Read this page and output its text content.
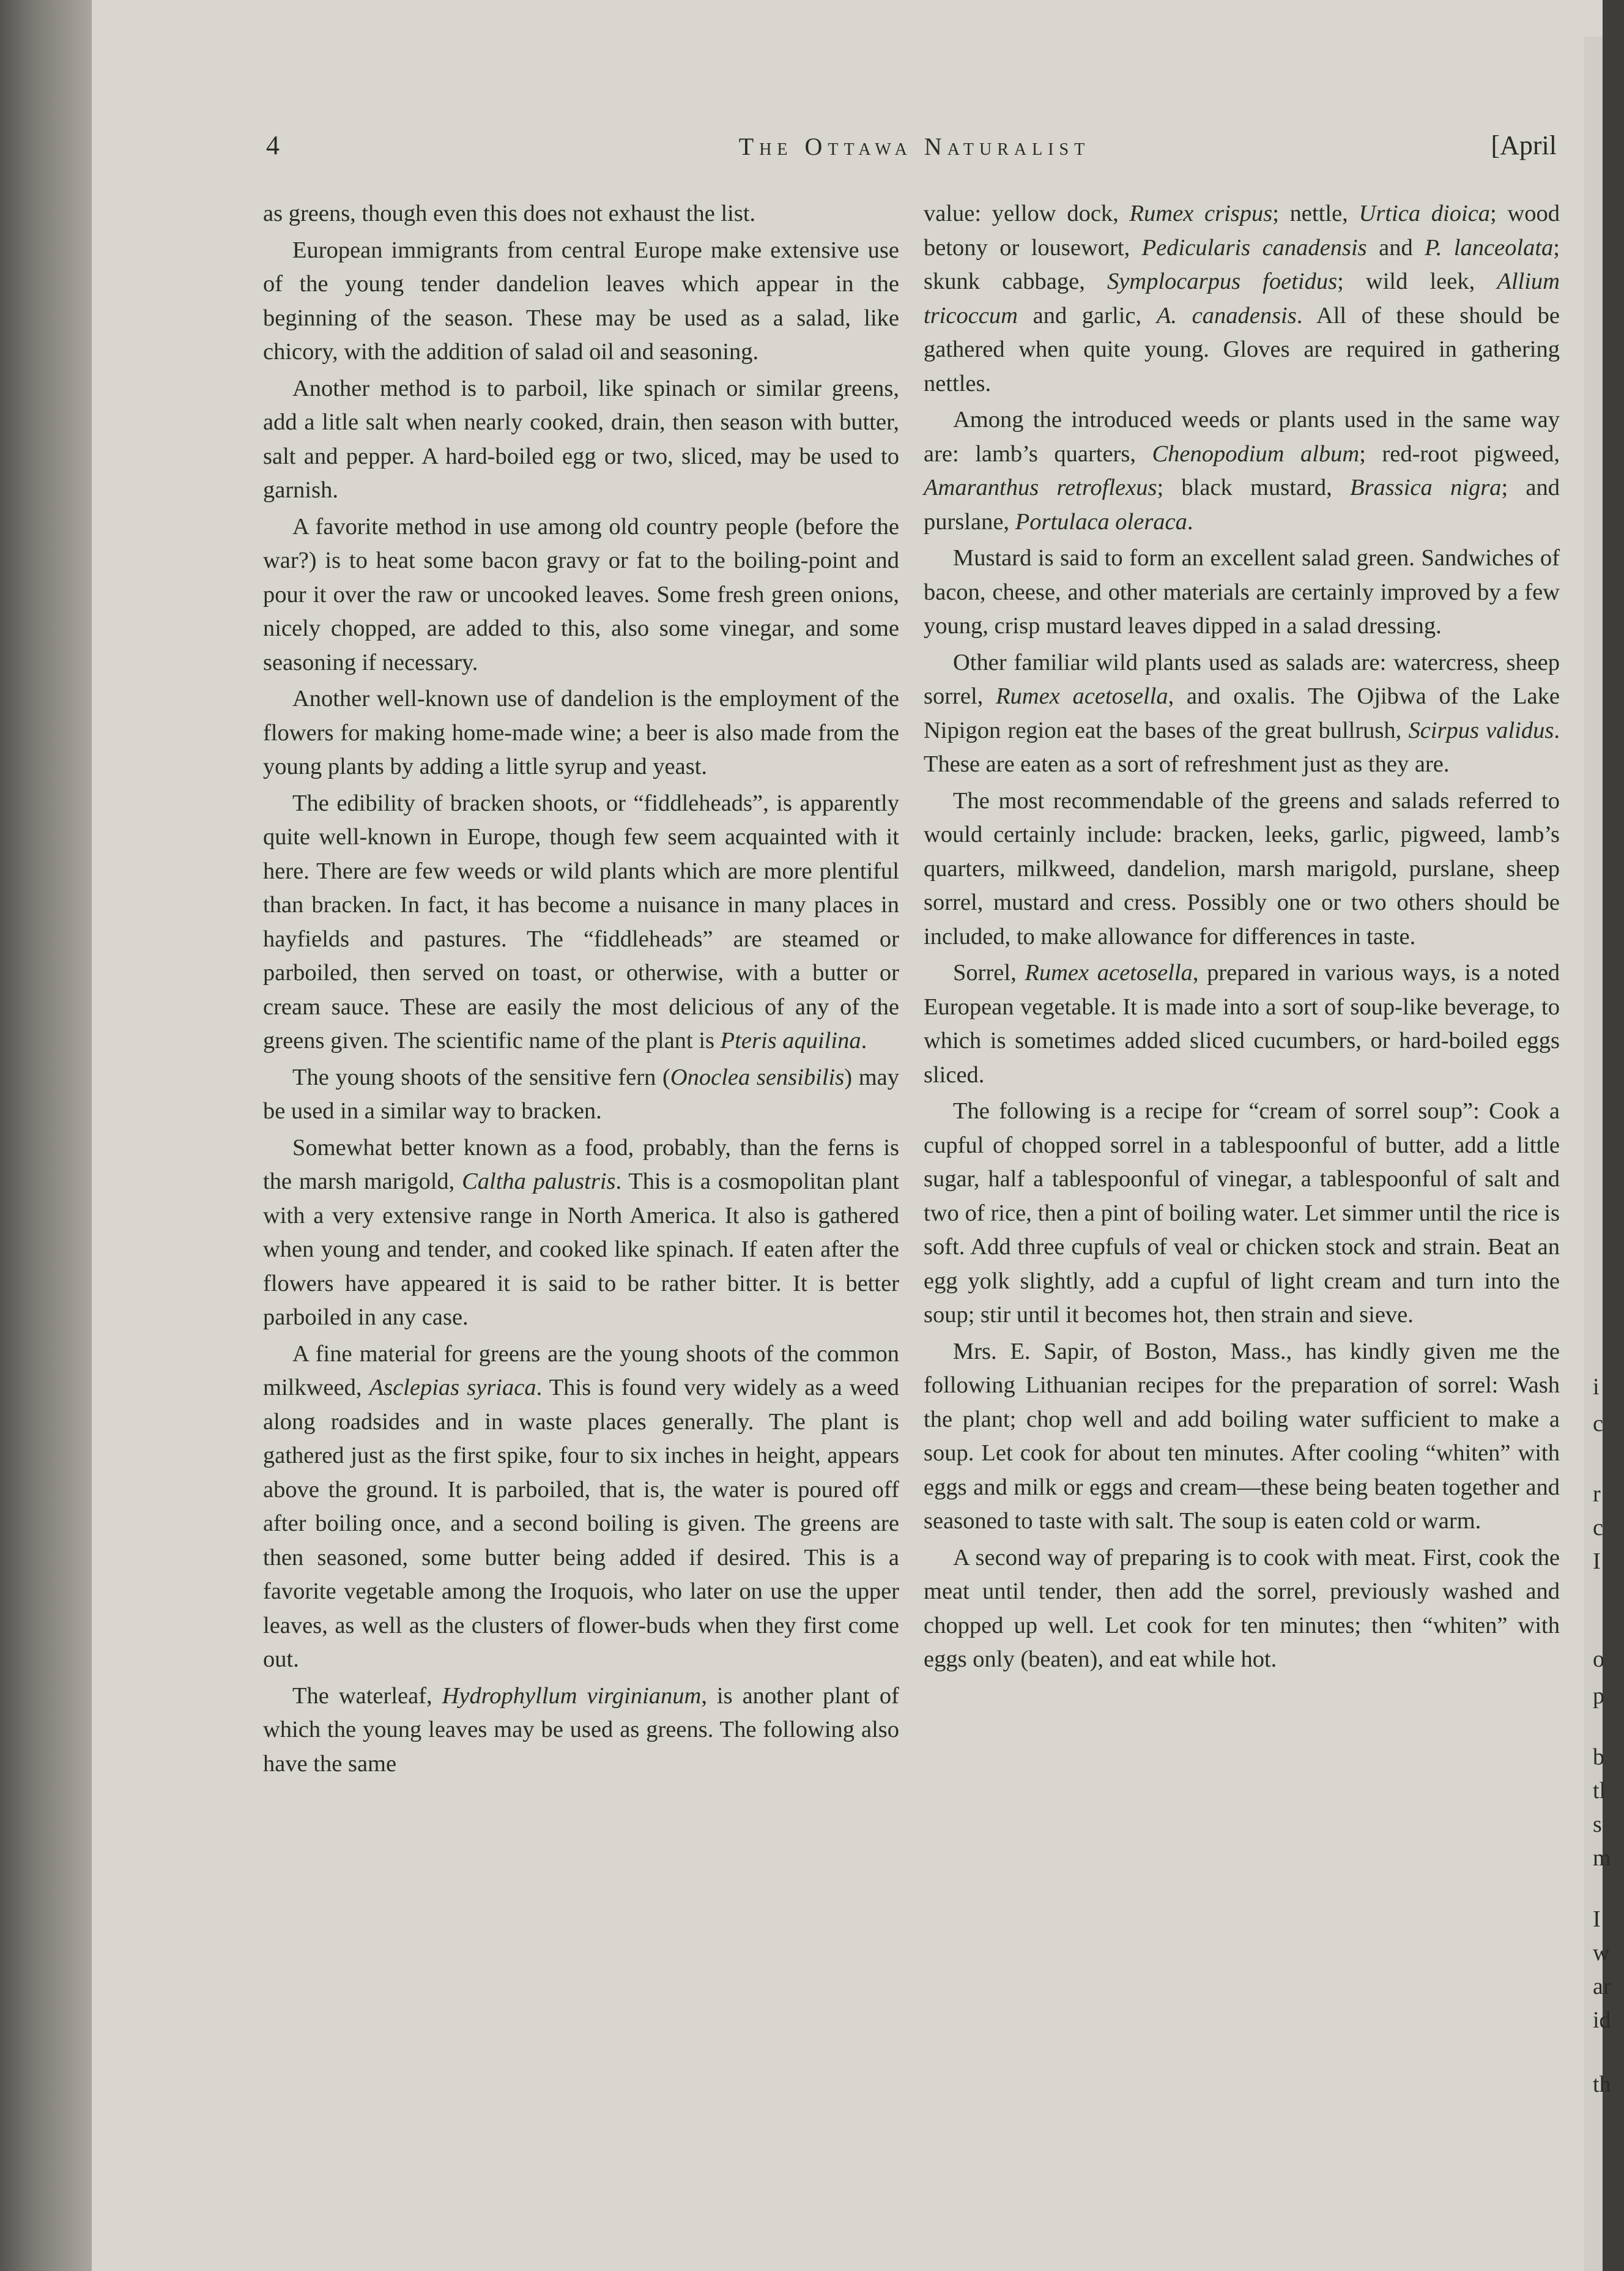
4	The Ottawa Naturalist	[April

as greens, though even this does not exhaust the list.

European immigrants from central Europe make extensive use of the young tender dandelion leaves which appear in the beginning of the season. These may be used as a salad, like chicory, with the addition of salad oil and seasoning.

Another method is to parboil, like spinach or similar greens, add a litle salt when nearly cooked, drain, then season with butter, salt and pepper. A hard-boiled egg or two, sliced, may be used to garnish.

A favorite method in use among old country people (before the war?) is to heat some bacon gravy or fat to the boiling-point and pour it over the raw or uncooked leaves. Some fresh green onions, nicely chopped, are added to this, also some vinegar, and some seasoning if necessary.

Another well-known use of dandelion is the employment of the flowers for making home-made wine; a beer is also made from the young plants by adding a little syrup and yeast.

The edibility of bracken shoots, or “fiddleheads”, is apparently quite well-known in Europe, though few seem acquainted with it here. There are few weeds or wild plants which are more plentiful than bracken. In fact, it has become a nuisance in many places in hayfields and pastures. The “fiddleheads” are steamed or parboiled, then served on toast, or otherwise, with a butter or cream sauce. These are easily the most delicious of any of the greens given. The scientific name of the plant is Pteris aquilina.

The young shoots of the sensitive fern (Onoclea sensibilis) may be used in a similar way to bracken.

Somewhat better known as a food, probably, than the ferns is the marsh marigold, Caltha palustris. This is a cosmopolitan plant with a very extensive range in North America. It also is gathered when young and tender, and cooked like spinach. If eaten after the flowers have appeared it is said to be rather bitter. It is better parboiled in any case.

A fine material for greens are the young shoots of the common milkweed, Asclepias syriaca. This is found very widely as a weed along roadsides and in waste places generally. The plant is gathered just as the first spike, four to six inches in height, appears above the ground. It is parboiled, that is, the water is poured off after boiling once, and a second boiling is given. The greens are then seasoned, some butter being added if desired. This is a favorite vegetable among the Iroquois, who later on use the upper leaves, as well as the clusters of flower-buds when they first come out.

The waterleaf, Hydrophyllum virginianum, is another plant of which the young leaves may be used as greens. The following also have the same

value: yellow dock, Rumex crispus; nettle, Urtica dioica; wood betony or lousewort, Pedicularis canadensis and P. lanceolata; skunk cabbage, Symplocarpus foetidus; wild leek, Allium tricoccum and garlic, A. canadensis. All of these should be gathered when quite young. Gloves are required in gathering nettles.

Among the introduced weeds or plants used in the same way are: lamb’s quarters, Chenopodium album; red-root pigweed, Amaranthus retroflexus; black mustard, Brassica nigra; and purslane, Portulaca oleraca.

Mustard is said to form an excellent salad green. Sandwiches of bacon, cheese, and other materials are certainly improved by a few young, crisp mustard leaves dipped in a salad dressing.

Other familiar wild plants used as salads are: watercress, sheep sorrel, Rumex acetosella, and oxalis. The Ojibwa of the Lake Nipigon region eat the bases of the great bullrush, Scirpus validus. These are eaten as a sort of refreshment just as they are.

The most recommendable of the greens and salads referred to would certainly include: bracken, leeks, garlic, pigweed, lamb’s quarters, milkweed, dandelion, marsh marigold, purslane, sheep sorrel, mustard and cress. Possibly one or two others should be included, to make allowance for differences in taste.

Sorrel, Rumex acetosella, prepared in various ways, is a noted European vegetable. It is made into a sort of soup-like beverage, to which is sometimes added sliced cucumbers, or hard-boiled eggs sliced.

The following is a recipe for “cream of sorrel soup”: Cook a cupful of chopped sorrel in a tablespoonful of butter, add a little sugar, half a tablespoonful of vinegar, a tablespoonful of salt and two of rice, then a pint of boiling water. Let simmer until the rice is soft. Add three cupfuls of veal or chicken stock and strain. Beat an egg yolk slightly, add a cupful of light cream and turn into the soup; stir until it becomes hot, then strain and sieve.

Mrs. E. Sapir, of Boston, Mass., has kindly given me the following Lithuanian recipes for the preparation of sorrel: Wash the plant; chop well and add boiling water sufficient to make a soup. Let cook for about ten minutes. After cooling “whiten” with eggs and milk or eggs and cream—these being beaten together and seasoned to taste with salt. The soup is eaten cold or warm.

A second way of preparing is to cook with meat. First, cook the meat until tender, then add the sorrel, previously washed and chopped up well. Let cook for ten minutes; then “whiten” with eggs only (beaten), and eat while hot.

i
c
r
c
I
o
p
b
tl
s
m
I
w
ar
id
th
